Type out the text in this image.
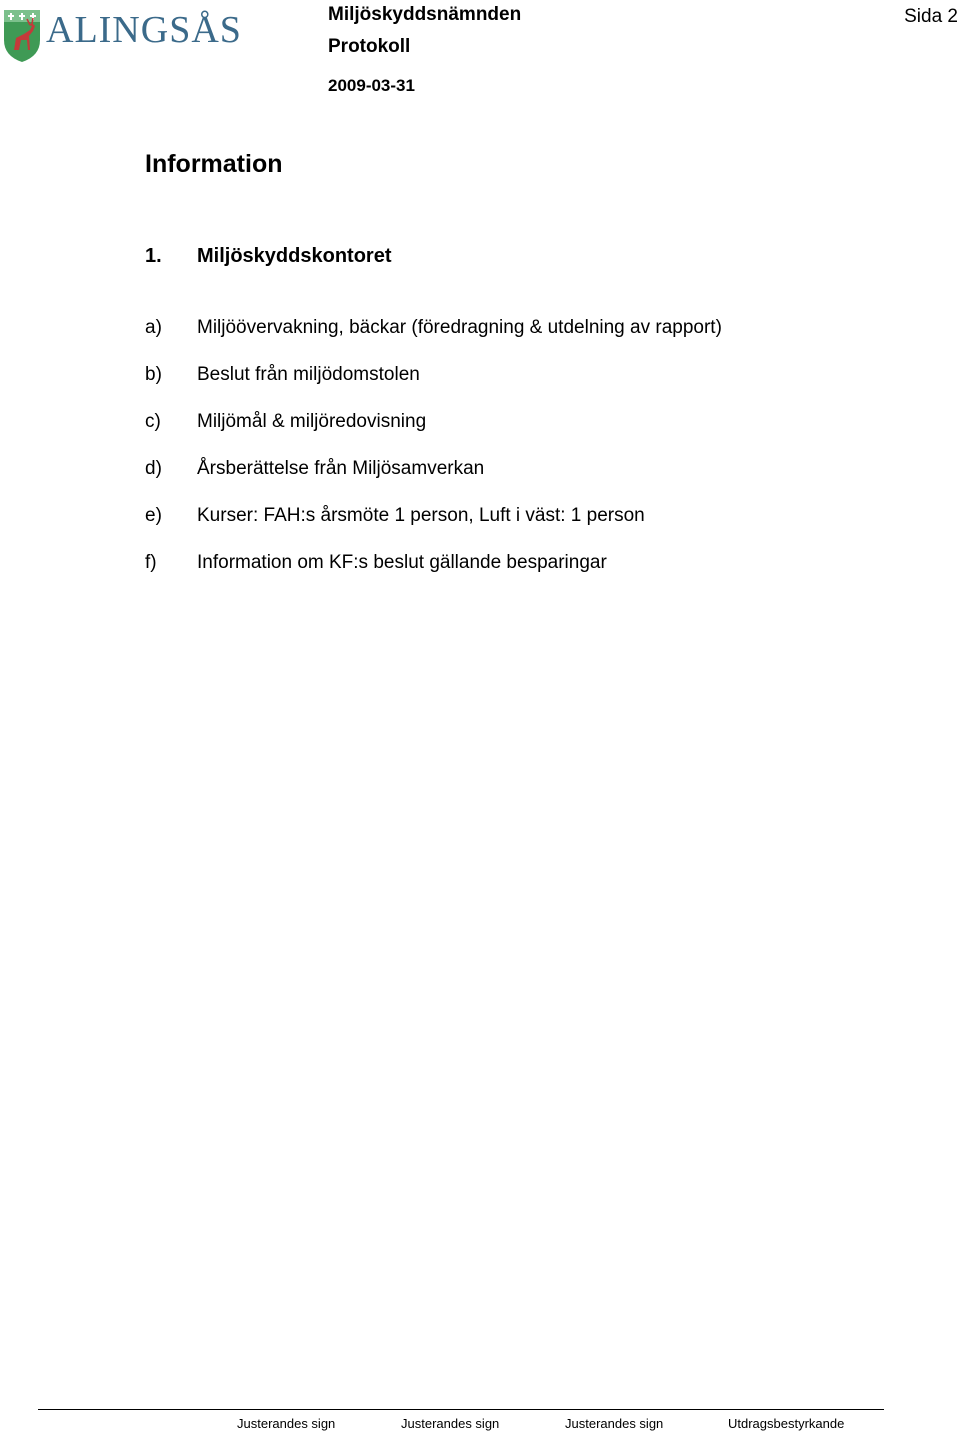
ALINGSÅS	Miljöskyddsnämnden
Protokoll
2009-03-31
Sida 2
Information
1. Miljöskyddskontoret
a) Miljöövervakning, bäckar (föredragning & utdelning av rapport)
b) Beslut från miljödomstolen
c) Miljömål & miljöredovisning
d) Årsberättelse från Miljösamverkan
e) Kurser: FAH:s årsmöte 1 person, Luft i väst: 1 person
f) Information om KF:s beslut gällande besparingar
Justerandes sign	Justerandes sign	Justerandes sign	Utdragsbestyrkande
